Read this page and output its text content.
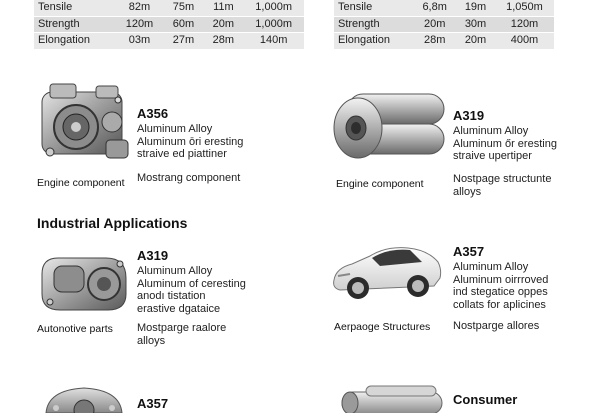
Tensile	82m	75m	11m	1,000m
Strength	120m	60m	20m	1,000m
Elongation	03m	27m	28m	140m
Tensile	6,8m	19m	1,050m
Strength	20m	30m	120m
Elongation	28m	20m	400m
A356
Aluminum Alloy
Aluminum ōri eresting
straive ed piattiner
Engine component Mostrang component
A319
Aluminum Alloy
Aluminum őr eresting
straive upertiper
Engine component	Nostpage structunte
alloys
Industrial Applications
A319
Aluminum Alloy
Aluminum of ceresting
anodı tistation
erastive dgataice
Autonotive parts Mostparge raalore
alloys
A357
Aluminum Alloy
Aluminum oirrroved
ind stegatice oppes
collats for aplicines
Aerpaoge Structures Nostparge allores
A357	Consumer
